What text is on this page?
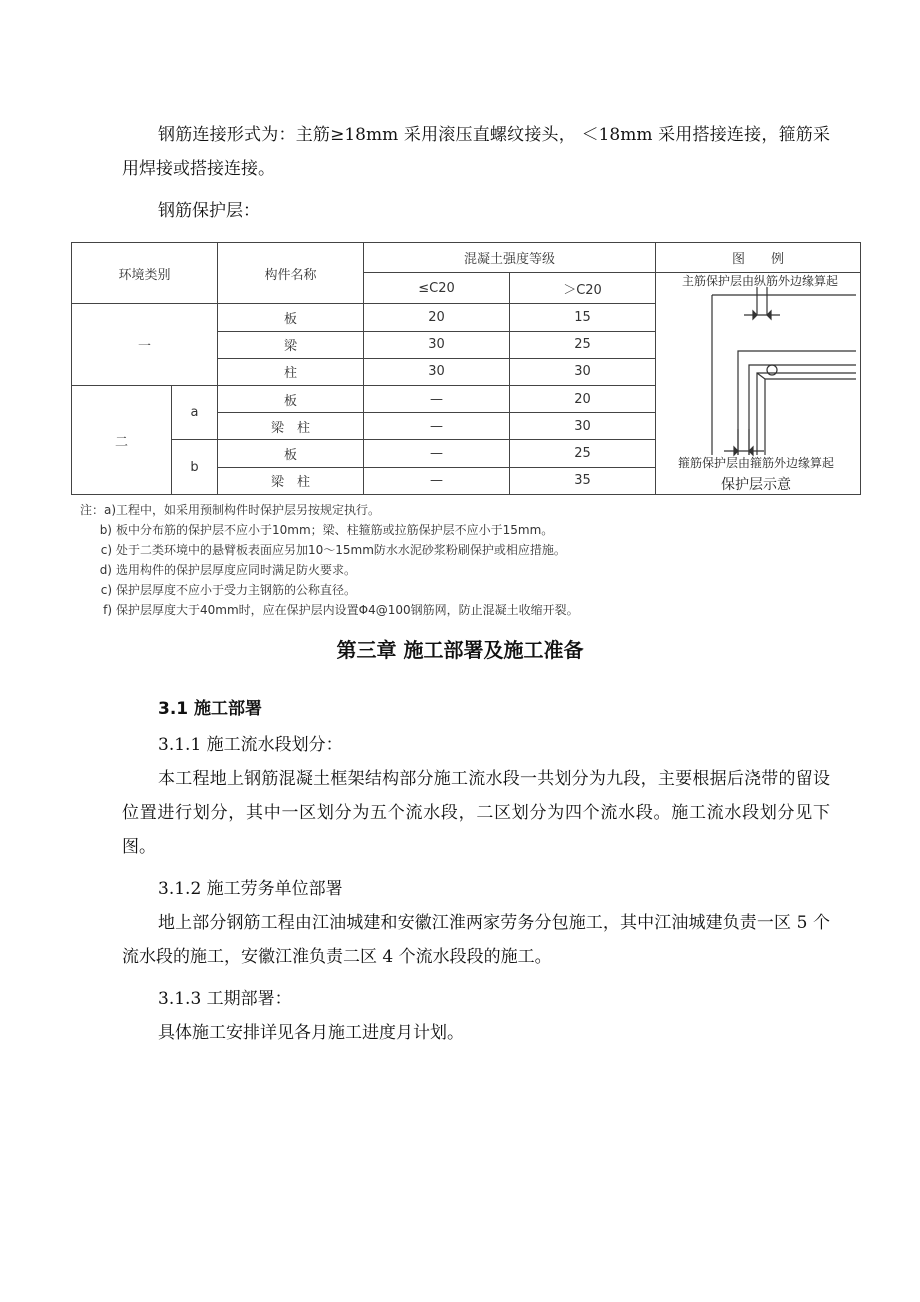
钢筋连接形式为：主筋≥18mm 采用滚压直螺纹接头， ＜18mm 采用搭接连接，箍筋采用焊接或搭接连接。

钢筋保护层：

环境类别		构件名称	混凝土强度等级		图　　例
			≤C20	＞C20	主筋保护层由纵筋外边缘算起
箍筋保护层由箍筋外边缘算起
保护层示意

一		板	20	15	
		梁	30	25	
		柱	30	30	
二	a	板	—	20	
		梁　柱	—	30	
	b	板	—	25	
		梁　柱	—	35	
注：a)工程中，如采用预制构件时保护层另按规定执行。
b) 板中分布筋的保护层不应小于10mm；梁、柱箍筋或拉筋保护层不应小于15mm。
c) 处于二类环境中的悬臂板表面应另加10～15mm防水水泥砂浆粉刷保护或相应措施。
d) 选用构件的保护层厚度应同时满足防火要求。
c) 保护层厚度不应小于受力主钢筋的公称直径。
f) 保护层厚度大于40mm时，应在保护层内设置Φ4@100钢筋网，防止混凝土收缩开裂。
第三章 施工部署及施工准备
3.1 施工部署

3.1.1 施工流水段划分：

本工程地上钢筋混凝土框架结构部分施工流水段一共划分为九段，主要根据后浇带的留设位置进行划分，其中一区划分为五个流水段，二区划分为四个流水段。施工流水段划分见下图。

3.1.2 施工劳务单位部署

地上部分钢筋工程由江油城建和安徽江淮两家劳务分包施工，其中江油城建负责一区 5 个流水段的施工，安徽江淮负责二区 4 个流水段段的施工。

3.1.3 工期部署：

具体施工安排详见各月施工进度月计划。
